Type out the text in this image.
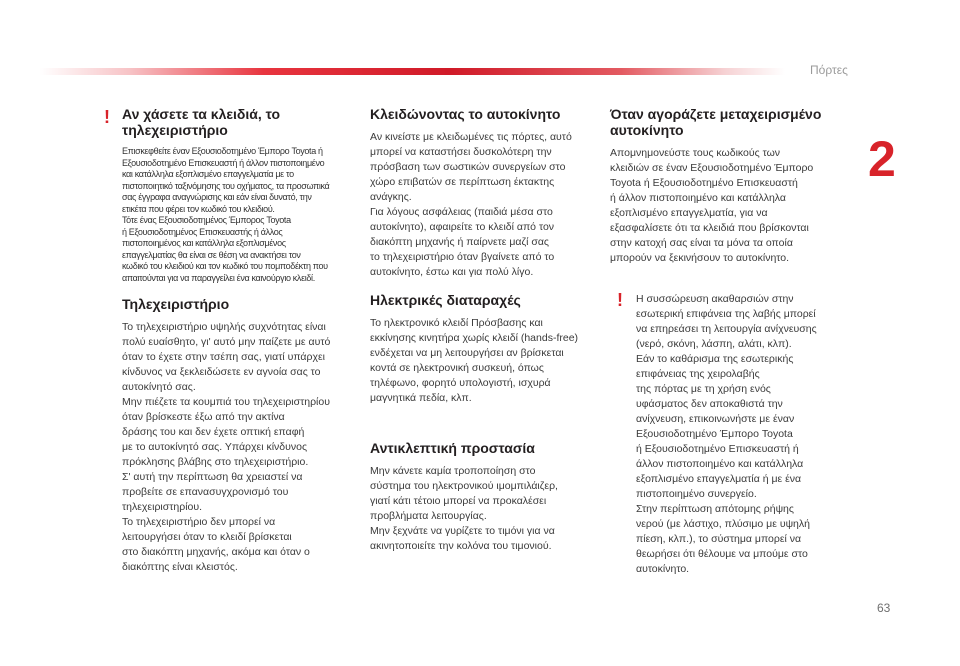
Πόρτες
2
! Αν χάσετε τα κλειδιά, το τηλεχειριστήριο

Επισκεφθείτε έναν Εξουσιοδοτημένο Έμπορο Toyota ή
Εξουσιοδοτημένο Επισκευαστή ή άλλον πιστοποιημένο
και κατάλληλα εξοπλισμένο επαγγελματία με το
πιστοποιητικό ταξινόμησης του οχήματος, τα προσωπικά
σας έγγραφα αναγνώρισης και εάν είναι δυνατό, την
ετικέτα που φέρει τον κωδικό του κλειδιού.
Τότε ένας Εξουσιοδοτημένος Έμπορος Toyota
ή Εξουσιοδοτημένος Επισκευαστής ή άλλος
πιστοποιημένος και κατάλληλα εξοπλισμένος
επαγγελματίας θα είναι σε θέση να ανακτήσει τον
κωδικό του κλειδιού και τον κωδικό του πομποδέκτη που
απαιτούνται για να παραγγείλει ένα καινούργιο κλειδί.

Τηλεχειριστήριο

Το τηλεχειριστήριο υψηλής συχνότητας είναι
πολύ ευαίσθητο, γι' αυτό μην παίζετε με αυτό
όταν το έχετε στην τσέπη σας, γιατί υπάρχει
κίνδυνος να ξεκλειδώσετε εν αγνοία σας το
αυτοκίνητό σας.
Μην πιέζετε τα κουμπιά του τηλεχειριστηρίου
όταν βρίσκεστε έξω από την ακτίνα
δράσης του και δεν έχετε οπτική επαφή
με το αυτοκίνητό σας. Υπάρχει κίνδυνος
πρόκλησης βλάβης στο τηλεχειριστήριο.
Σ' αυτή την περίπτωση θα χρειαστεί να
προβείτε σε επανασυγχρονισμό του
τηλεχειριστηρίου.
Το τηλεχειριστήριο δεν μπορεί να
λειτουργήσει όταν το κλειδί βρίσκεται
στο διακόπτη μηχανής, ακόμα και όταν ο
διακόπτης είναι κλειστός.

Κλειδώνοντας το αυτοκίνητο

Αν κινείστε με κλειδωμένες τις πόρτες, αυτό
μπορεί να καταστήσει δυσκολότερη την
πρόσβαση των σωστικών συνεργείων στο
χώρο επιβατών σε περίπτωση έκτακτης
ανάγκης.
Για λόγους ασφάλειας (παιδιά μέσα στο
αυτοκίνητο), αφαιρείτε το κλειδί από τον
διακόπτη μηχανής ή παίρνετε μαζί σας
το τηλεχειριστήριο όταν βγαίνετε από το
αυτοκίνητο, έστω και για πολύ λίγο.

Ηλεκτρικές διαταραχές

Το ηλεκτρονικό κλειδί Πρόσβασης και
εκκίνησης κινητήρα χωρίς κλειδί (hands-free)
ενδέχεται να μη λειτουργήσει αν βρίσκεται
κοντά σε ηλεκτρονική συσκευή, όπως
τηλέφωνο, φορητό υπολογιστή, ισχυρά
μαγνητικά πεδία, κλπ.

Αντικλεπτική προστασία

Μην κάνετε καμία τροποποίηση στο
σύστημα του ηλεκτρονικού ιμομπιλάιζερ,
γιατί κάτι τέτοιο μπορεί να προκαλέσει
προβλήματα λειτουργίας.
Μην ξεχνάτε να γυρίζετε το τιμόνι για να
ακινητοποιείτε την κολόνα του τιμονιού.

Όταν αγοράζετε μεταχειρισμένο αυτοκίνητο

Απομνημονεύστε τους κωδικούς των
κλειδιών σε έναν Εξουσιοδοτημένο Έμπορο
Toyota ή Εξουσιοδοτημένο Επισκευαστή
ή άλλον πιστοποιημένο και κατάλληλα
εξοπλισμένο επαγγελματία, για να
εξασφαλίσετε ότι τα κλειδιά που βρίσκονται
στην κατοχή σας είναι τα μόνα τα οποία
μπορούν να ξεκινήσουν το αυτοκίνητο.

! Η συσσώρευση ακαθαρσιών στην
εσωτερική επιφάνεια της λαβής μπορεί
να επηρεάσει τη λειτουργία ανίχνευσης
(νερό, σκόνη, λάσπη, αλάτι, κλπ).
Εάν το καθάρισμα της εσωτερικής
επιφάνειας της χειρολαβής
της πόρτας με τη χρήση ενός
υφάσματος δεν αποκαθιστά την
ανίχνευση, επικοινωνήστε με έναν
Εξουσιοδοτημένο Έμπορο Toyota
ή Εξουσιοδοτημένο Επισκευαστή ή
άλλον πιστοποιημένο και κατάλληλα
εξοπλισμένο επαγγελματία ή με ένα
πιστοποιημένο συνεργείο.
Στην περίπτωση απότομης ρήψης
νερού (με λάστιχο, πλύσιμο με υψηλή
πίεση, κλπ.), το σύστημα μπορεί να
θεωρήσει ότι θέλουμε να μπούμε στο
αυτοκίνητο.

63
